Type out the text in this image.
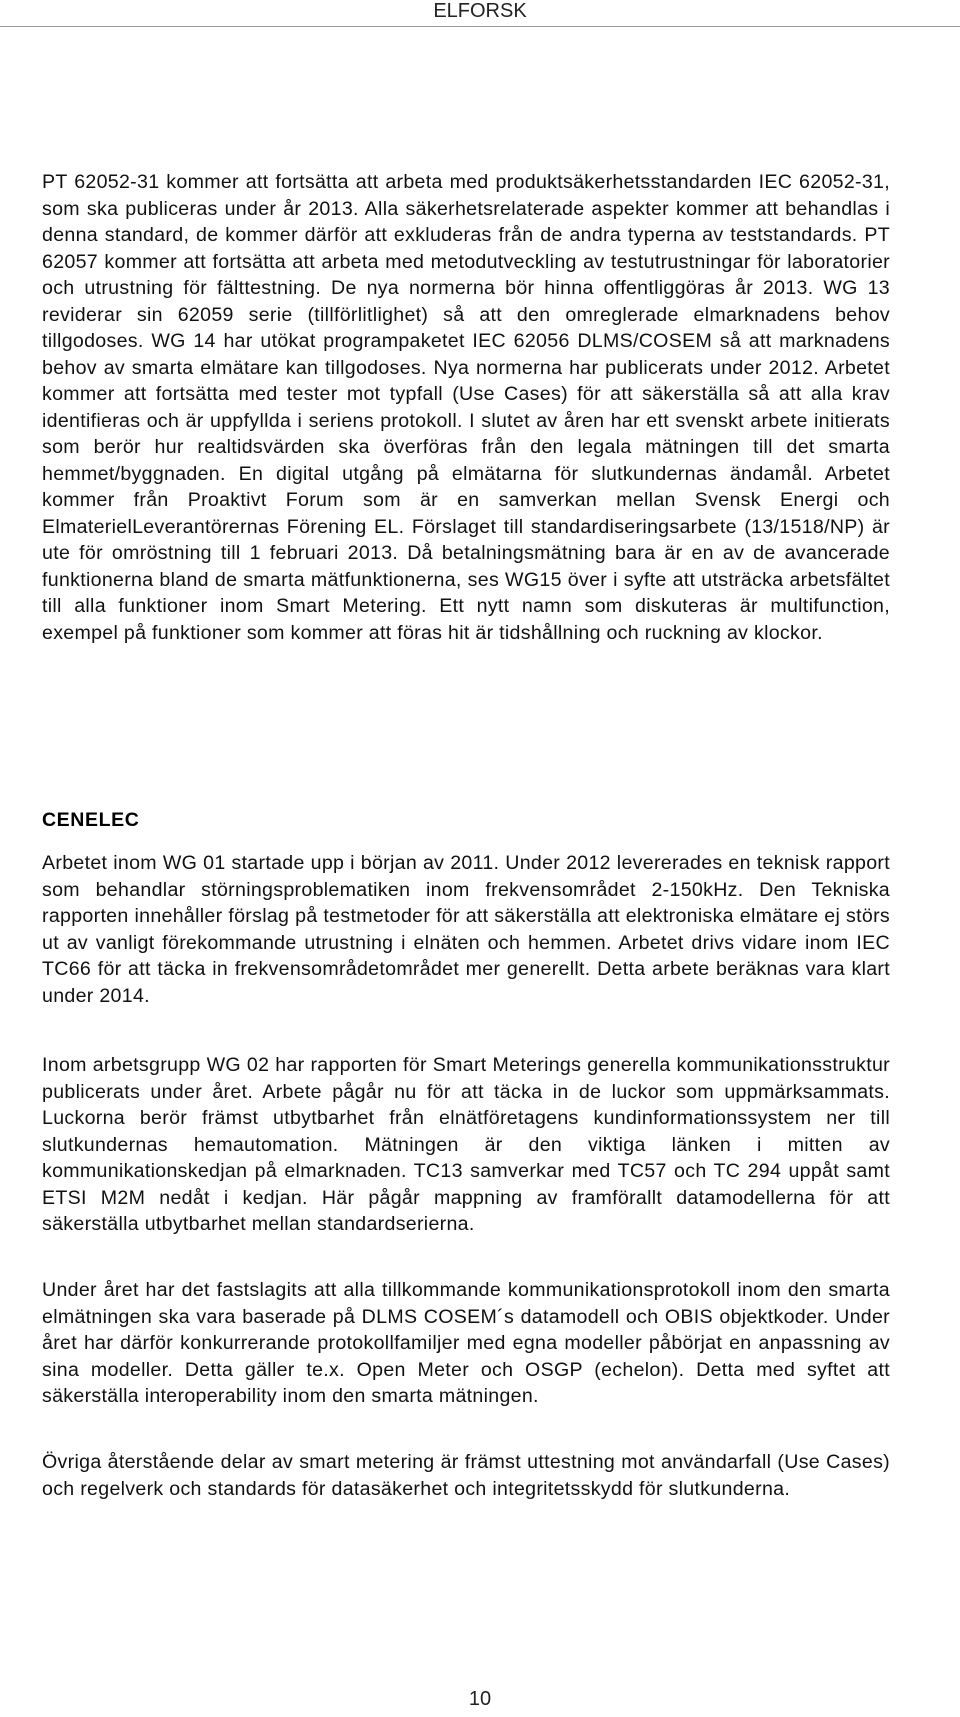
ELFORSK

PT 62052-31 kommer att fortsätta att arbeta med produktsäkerhetsstandarden IEC 62052-31, som ska publiceras under år 2013. Alla säkerhetsrelaterade aspekter kommer att behandlas i denna standard, de kommer därför att exkluderas från de andra typerna av teststandards. PT 62057 kommer att fortsätta att arbeta med metodutveckling av testutrustningar för laboratorier och utrustning för fälttestning. De nya normerna bör hinna offentliggöras år 2013. WG 13 reviderar sin 62059 serie (tillförlitlighet) så att den omreglerade elmarknadens behov tillgodoses. WG 14 har utökat programpaketet IEC 62056 DLMS/COSEM så att marknadens behov av smarta elmätare kan tillgodoses. Nya normerna har publicerats under 2012. Arbetet kommer att fortsätta med tester mot typfall (Use Cases) för att säkerställa så att alla krav identifieras och är uppfyllda i seriens protokoll. I slutet av åren har ett svenskt arbete initierats som berör hur realtidsvärden ska överföras från den legala mätningen till det smarta hemmet/byggnaden. En digital utgång på elmätarna för slutkundernas ändamål. Arbetet kommer från Proaktivt Forum som är en samverkan mellan Svensk Energi och ElmaterielLeverantörernas Förening EL. Förslaget till standardiseringsarbete (13/1518/NP) är ute för omröstning till 1 februari 2013. Då betalningsmätning bara är en av de avancerade funktionerna bland de smarta mätfunktionerna, ses WG15 över i syfte att utsträcka arbetsfältet till alla funktioner inom Smart Metering. Ett nytt namn som diskuteras är multifunction, exempel på funktioner som kommer att föras hit är tidshållning och ruckning av klockor.

CENELEC

Arbetet inom WG 01 startade upp i början av 2011. Under 2012 levererades en teknisk rapport som behandlar störningsproblematiken inom frekvensområdet 2-150kHz. Den Tekniska rapporten innehåller förslag på testmetoder för att säkerställa att elektroniska elmätare ej störs ut av vanligt förekommande utrustning i elnäten och hemmen. Arbetet drivs vidare inom IEC TC66 för att täcka in frekvensområdetområdet mer generellt. Detta arbete beräknas vara klart under 2014.

Inom arbetsgrupp WG 02 har rapporten för Smart Meterings generella kommunikationsstruktur publicerats under året. Arbete pågår nu för att täcka in de luckor som uppmärksammats. Luckorna berör främst utbytbarhet från elnätföretagens kundinformationssystem ner till slutkundernas hemautomation. Mätningen är den viktiga länken i mitten av kommunikationskedjan på elmarknaden. TC13 samverkar med TC57 och TC 294 uppåt samt ETSI M2M nedåt i kedjan. Här pågår mappning av framförallt datamodellerna för att säkerställa utbytbarhet mellan standardserierna.

Under året har det fastslagits att alla tillkommande kommunikationsprotokoll inom den smarta elmätningen ska vara baserade på DLMS COSEM´s datamodell och OBIS objektkoder. Under året har därför konkurrerande protokollfamiljer med egna modeller påbörjat en anpassning av sina modeller. Detta gäller te.x. Open Meter och OSGP (echelon). Detta med syftet att säkerställa interoperability inom den smarta mätningen.

Övriga återstående delar av smart metering är främst uttestning mot användarfall (Use Cases) och regelverk och standards för datasäkerhet och integritetsskydd för slutkunderna.

10
